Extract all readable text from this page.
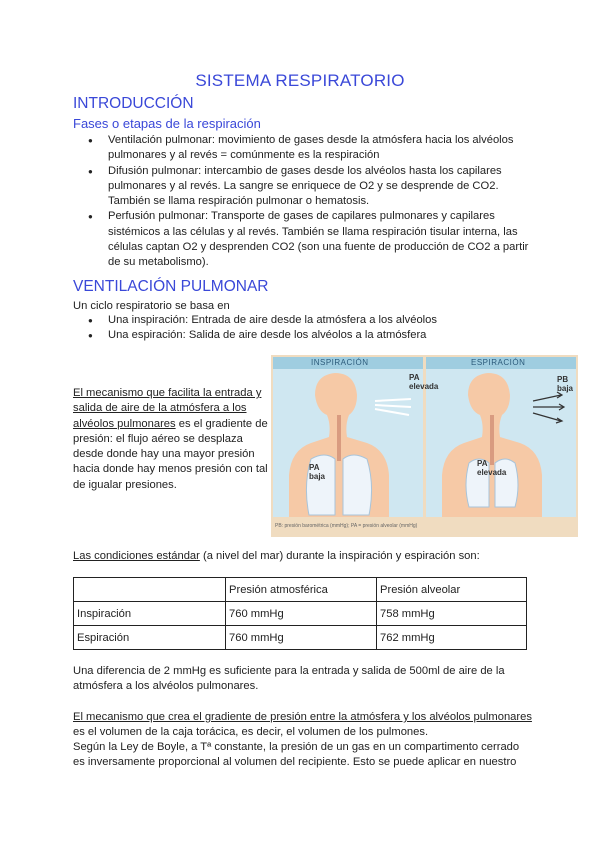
SISTEMA RESPIRATORIO
INTRODUCCIÓN
Fases o etapas de la respiración
● Ventilación pulmonar: movimiento de gases desde la atmósfera hacia los alvéolos pulmonares y al revés = comúnmente es la respiración
● Difusión pulmonar: intercambio de gases desde los alvéolos hasta los capilares pulmonares y al revés. La sangre se enriquece de O2 y se desprende de CO2. También se llama respiración pulmonar o hematosis.
● Perfusión pulmonar: Transporte de gases de capilares pulmonares y capilares sistémicos a las células y al revés. También se llama respiración tisular interna, las células captan O2 y desprenden CO2 (son una fuente de producción de CO2 a partir de su metabolismo).
VENTILACIÓN PULMONAR
Un ciclo respiratorio se basa en
● Una inspiración: Entrada de aire desde la atmósfera a los alvéolos
● Una espiración: Salida de aire desde los alvéolos a la atmósfera
El mecanismo que facilita la entrada y salida de aire de la atmósfera a los alvéolos pulmonares es el gradiente de presión: el flujo aéreo se desplaza desde donde hay una mayor presión hacia donde hay menos presión con tal de igualar presiones.
INSPIRACIÓN	ESPIRACIÓN
PA
elevada
PA
baja
PB
baja
PA
elevada
PB: presión barométrica (mmHg); PA = presión alveolar (mmHg)
Las condiciones estándar (a nivel del mar) durante la inspiración y espiración son:
	Presión atmosférica	Presión alveolar
Inspiración	760 mmHg	758 mmHg
Espiración	760 mmHg	762 mmHg
Una diferencia de 2 mmHg es suficiente para la entrada y salida de 500ml de aire de la atmósfera a los alvéolos pulmonares.
El mecanismo que crea el gradiente de presión entre la atmósfera y los alvéolos pulmonares es el volumen de la caja torácica, es decir, el volumen de los pulmones.
Según la Ley de Boyle, a Tª constante, la presión de un gas en un compartimento cerrado es inversamente proporcional al volumen del recipiente. Esto se puede aplicar en nuestro
